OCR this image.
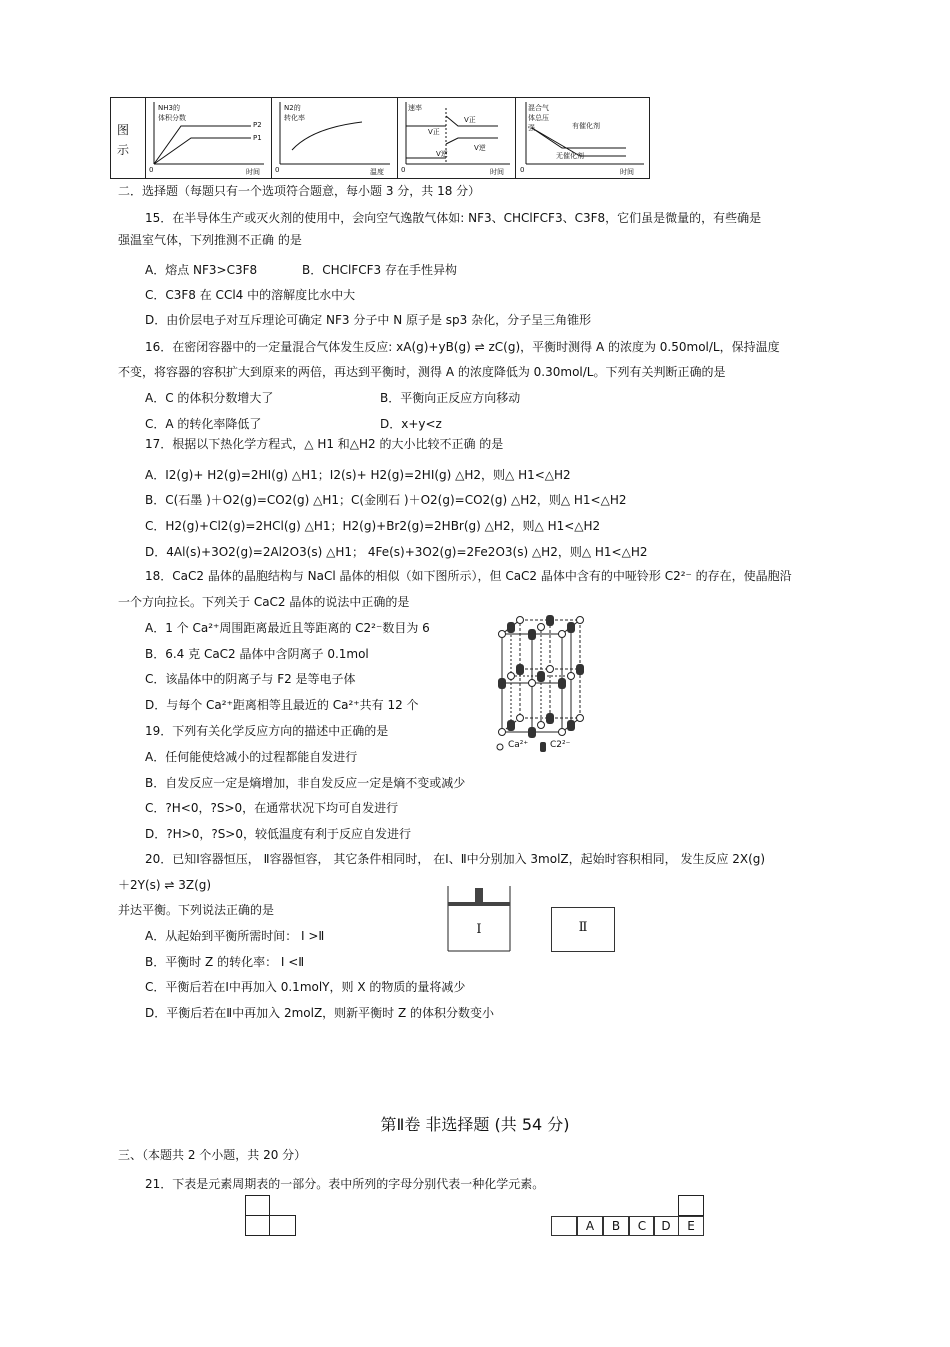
图示
NH3的
体积分数
P2
P1
0	时间
N2的
转化率
0	温度
速率
V正
V逆
V正
V逆
0	时间
混合气
体总压
强	有催化剂
无催化剂
0	时间
二．选择题（每题只有一个选项符合题意，每小题 3 分，共 18 分）
15．在半导体生产或灭火剂的使用中，会向空气逸散气体如: NF3、CHClFCF3、C3F8，它们虽是微量的，有些确是
强温室气体，下列推测不正确 的是
A．熔点 NF3>C3F8	B．CHClFCF3 存在手性异构
C．C3F8 在 CCl4 中的溶解度比水中大
D．由价层电子对互斥理论可确定 NF3 分子中 N 原子是 sp3 杂化，分子呈三角锥形
16．在密闭容器中的一定量混合气体发生反应: xA(g)+yB(g) ⇌ zC(g)，平衡时测得 A 的浓度为 0.50mol/L，保持温度
不变，将容器的容积扩大到原来的两倍，再达到平衡时，测得 A 的浓度降低为 0.30mol/L。下列有关判断正确的是
A．C 的体积分数增大了	B．平衡向正反应方向移动
C．A 的转化率降低了	D．x+y<z
17．根据以下热化学方程式，△ H1 和△H2 的大小比较不正确 的是
A．I2(g)+ H2(g)=2HI(g) △H1；I2(s)+ H2(g)=2HI(g) △H2，则△ H1<△H2
B．C(石墨 )＋O2(g)=CO2(g) △H1；C(金刚石 )＋O2(g)=CO2(g) △H2，则△ H1<△H2
C．H2(g)+Cl2(g)=2HCl(g) △H1；H2(g)+Br2(g)=2HBr(g) △H2，则△ H1<△H2
D．4Al(s)+3O2(g)=2Al2O3(s) △H1； 4Fe(s)+3O2(g)=2Fe2O3(s) △H2，则△ H1<△H2
18．CaC2 晶体的晶胞结构与 NaCl 晶体的相似（如下图所示），但 CaC2 晶体中含有的中哑铃形 C2²⁻ 的存在，使晶胞沿
一个方向拉长。下列关于 CaC2 晶体的说法中正确的是
A．1 个 Ca²⁺周围距离最近且等距离的 C2²⁻数目为 6
B．6.4 克 CaC2 晶体中含阴离子 0.1mol
C．该晶体中的阴离子与 F2 是等电子体
D．与每个 Ca²⁺距离相等且最近的 Ca²⁺共有 12 个
Ca²⁺ C2²⁻
19．下列有关化学反应方向的描述中正确的是
A．任何能使焓减小的过程都能自发进行
B．自发反应一定是熵增加，非自发反应一定是熵不变或减少
C．?H<0，?S>0，在通常状况下均可自发进行
D．?H>0，?S>0，较低温度有利于反应自发进行
20．已知Ⅰ容器恒压， Ⅱ容器恒容， 其它条件相同时， 在Ⅰ、Ⅱ中分别加入 3molZ，起始时容积相同， 发生反应 2X(g)
＋2Y(s) ⇌ 3Z(g)
并达平衡。下列说法正确的是
A．从起始到平衡所需时间： Ⅰ >Ⅱ
B．平衡时 Z 的转化率： Ⅰ <Ⅱ
C．平衡后若在Ⅰ中再加入 0.1molY，则 X 的物质的量将减少
D．平衡后若在Ⅱ中再加入 2molZ，则新平衡时 Z 的体积分数变小
Ⅰ	Ⅱ
第Ⅱ卷 非选择题 (共 54 分)
三、（本题共 2 个小题，共 20 分）
21．下表是元素周期表的一部分。表中所列的字母分别代表一种化学元素。
A	B	C	D	E
